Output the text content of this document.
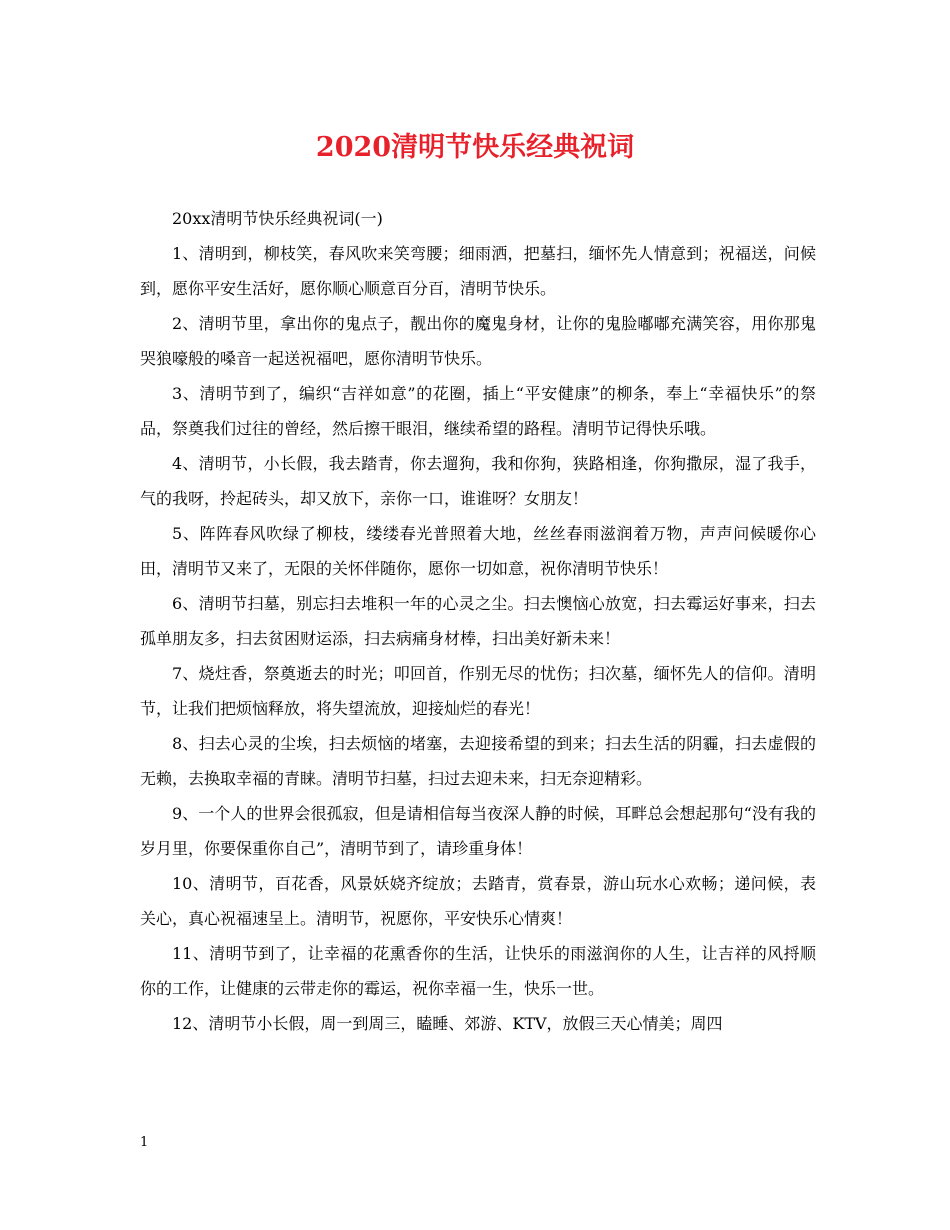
2020清明节快乐经典祝词

20xx清明节快乐经典祝词(一)

1、清明到，柳枝笑，春风吹来笑弯腰；细雨洒，把墓扫，缅怀先人情意到；祝福送，问候到，愿你平安生活好，愿你顺心顺意百分百，清明节快乐。

2、清明节里，拿出你的鬼点子，靓出你的魔鬼身材，让你的鬼脸嘟嘟充满笑容，用你那鬼哭狼嚎般的嗓音一起送祝福吧，愿你清明节快乐。

3、清明节到了，编织“吉祥如意”的花圈，插上“平安健康”的柳条，奉上“幸福快乐”的祭品，祭奠我们过往的曾经，然后擦干眼泪，继续希望的路程。清明节记得快乐哦。

4、清明节，小长假，我去踏青，你去遛狗，我和你狗，狭路相逢，你狗撒尿，湿了我手，气的我呀，拎起砖头，却又放下，亲你一口，谁谁呀？女朋友！

5、阵阵春风吹绿了柳枝，缕缕春光普照着大地，丝丝春雨滋润着万物，声声问候暖你心田，清明节又来了，无限的关怀伴随你，愿你一切如意，祝你清明节快乐！

6、清明节扫墓，别忘扫去堆积一年的心灵之尘。扫去懊恼心放宽，扫去霉运好事来，扫去孤单朋友多，扫去贫困财运添，扫去病痛身材棒，扫出美好新未来！

7、烧炷香，祭奠逝去的时光；叩回首，作别无尽的忧伤；扫次墓，缅怀先人的信仰。清明节，让我们把烦恼释放，将失望流放，迎接灿烂的春光！

8、扫去心灵的尘埃，扫去烦恼的堵塞，去迎接希望的到来；扫去生活的阴霾，扫去虚假的无赖，去换取幸福的青睐。清明节扫墓，扫过去迎未来，扫无奈迎精彩。

9、一个人的世界会很孤寂，但是请相信每当夜深人静的时候，耳畔总会想起那句“没有我的岁月里，你要保重你自己”，清明节到了，请珍重身体！

10、清明节，百花香，风景妖娆齐绽放；去踏青，赏春景，游山玩水心欢畅；递问候，表关心，真心祝福速呈上。清明节，祝愿你，平安快乐心情爽！

11、清明节到了，让幸福的花熏香你的生活，让快乐的雨滋润你的人生，让吉祥的风捋顺你的工作，让健康的云带走你的霉运，祝你幸福一生，快乐一世。

12、清明节小长假，周一到周三，瞌睡、郊游、KTV，放假三天心情美；周四

1
